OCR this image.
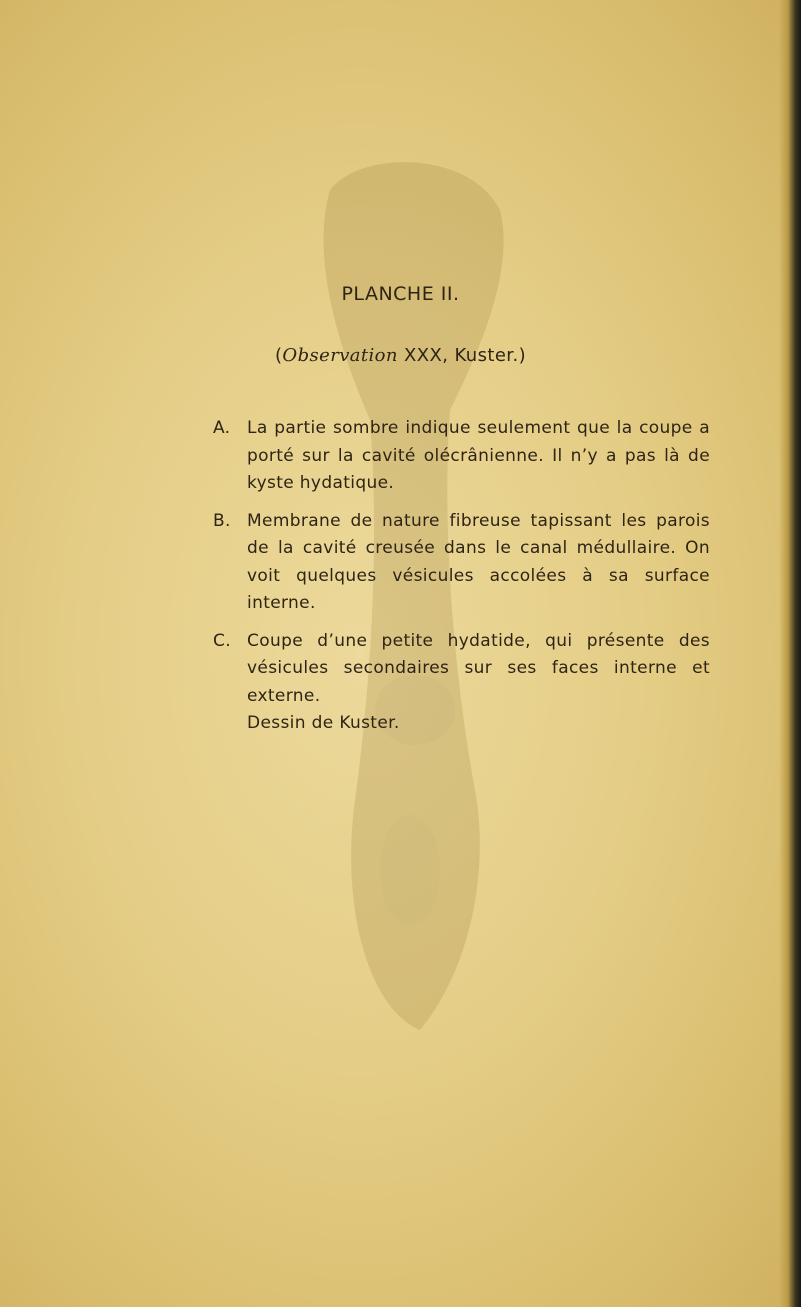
PLANCHE II.
(Observation XXX, Kuster.)
A. La partie sombre indique seulement que la coupe a porté sur la cavité olécrânienne. Il n’y a pas là de kyste hydatique.
B. Membrane de nature fibreuse tapissant les parois de la cavité creusée dans le canal médullaire. On voit quelques vésicules accolées à sa surface interne.
C. Coupe d’une petite hydatide, qui présente des vésicules secondaires sur ses faces interne et externe.
Dessin de Kuster.
